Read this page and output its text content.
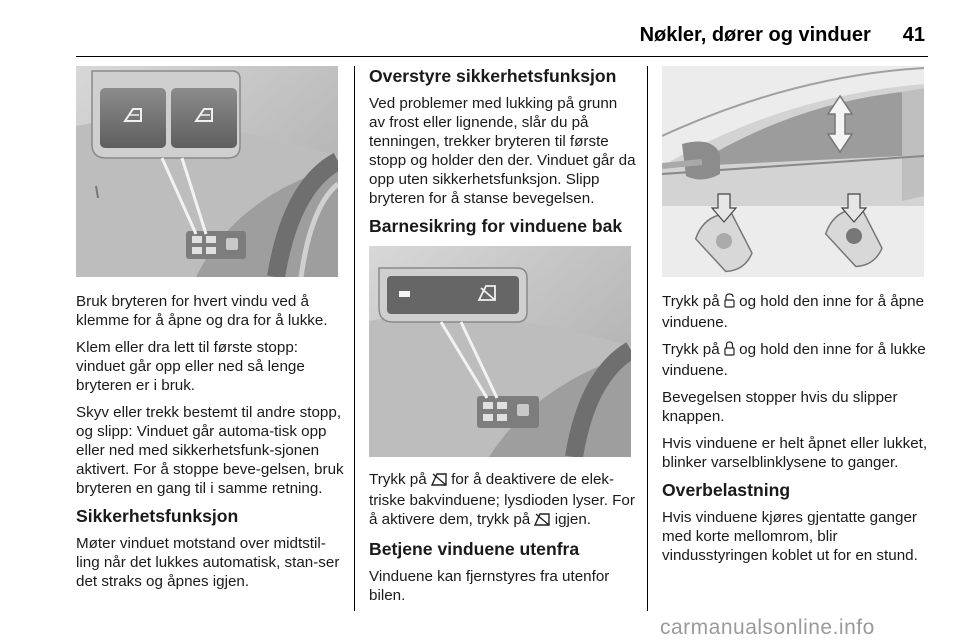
Nøkler, dører og vinduer 41

Bruk bryteren for hvert vindu ved å klemme for å åpne og dra for å lukke.

Klem eller dra lett til første stopp: vinduet går opp eller ned så lenge bryteren er i bruk.

Skyv eller trekk bestemt til andre stopp, og slipp: Vinduet går automa-tisk opp eller ned med sikkerhetsfunk-sjonen aktivert. For å stoppe beve-gelsen, bruk bryteren en gang til i samme retning.

Sikkerhetsfunksjon

Møter vinduet motstand over midtstil-ling når det lukkes automatisk, stan-ser det straks og åpnes igjen.

Overstyre sikkerhetsfunksjon

Ved problemer med lukking på grunn av frost eller lignende, slår du på tenningen, trekker bryteren til første stopp og holder den der. Vinduet går da opp uten sikkerhetsfunksjon. Slipp bryteren for å stanse bevegelsen.

Barnesikring for vinduene bak

Trykk på for å deaktivere de elek-triske bakvinduene; lysdioden lyser. For å aktivere dem, trykk på igjen.

Betjene vinduene utenfra

Vinduene kan fjernstyres fra utenfor bilen.

Trykk på og hold den inne for å åpne vinduene.

Trykk på og hold den inne for å lukke vinduene.

Bevegelsen stopper hvis du slipper knappen.

Hvis vinduene er helt åpnet eller lukket, blinker varselblinklysene to ganger.

Overbelastning

Hvis vinduene kjøres gjentatte ganger med korte mellomrom, blir vindusstyringen koblet ut for en stund.

carmanualsonline.info
